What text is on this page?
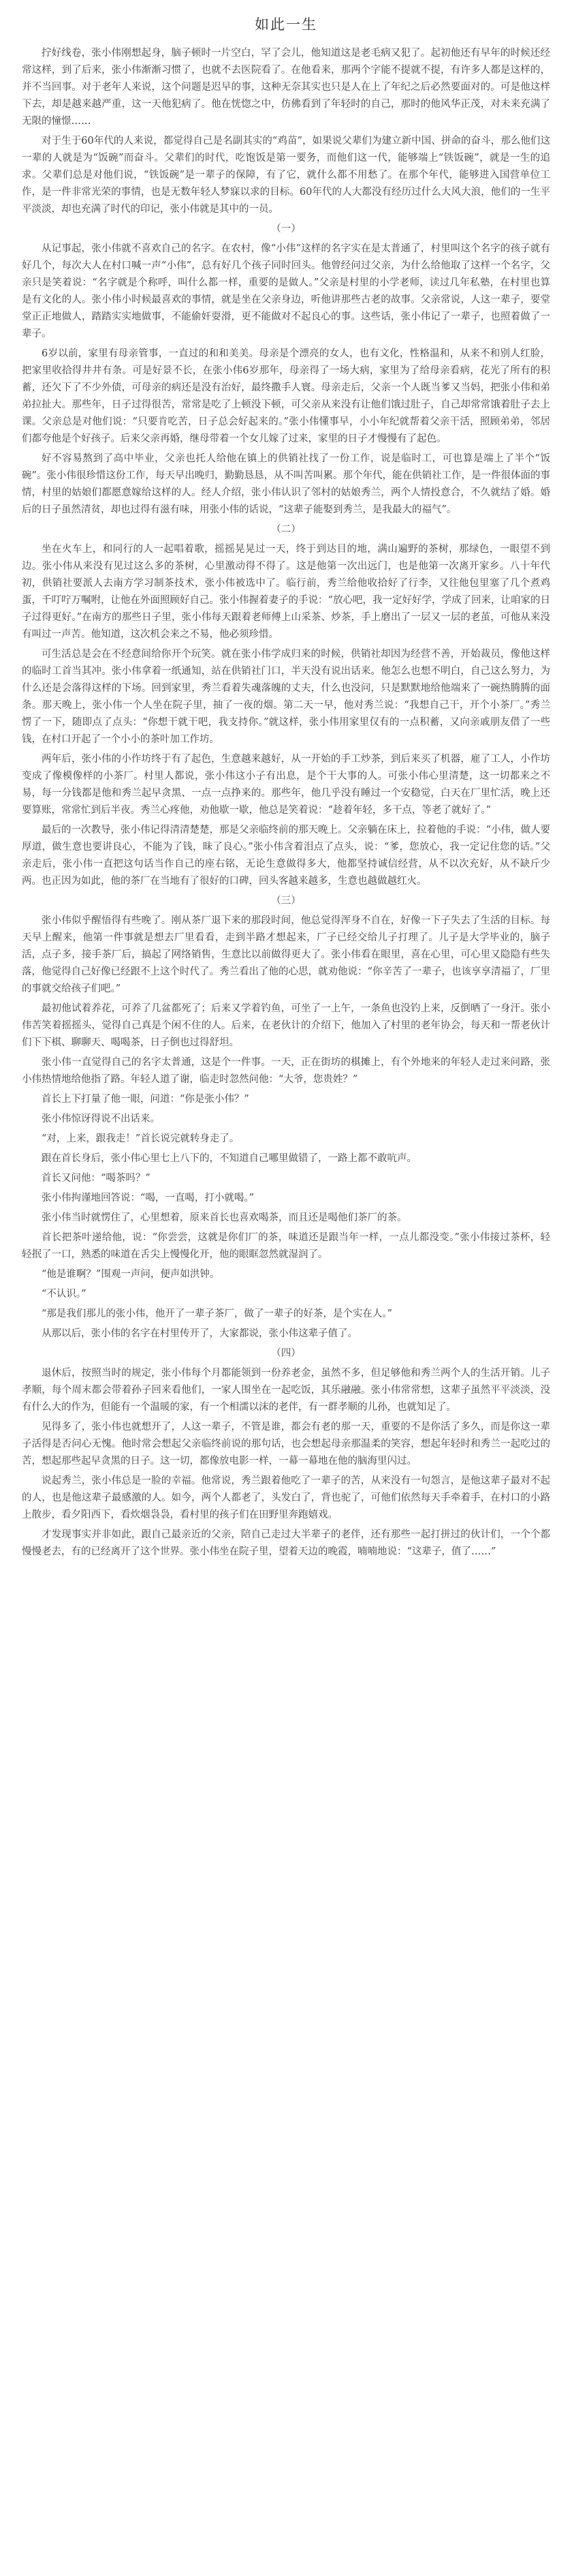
如此一生

拧好线卷，张小伟刚想起身，脑子顿时一片空白，罕了会儿，他知道这是老毛病又犯了。起初他还有早年的时候还经常这样，到了后来，张小伟渐渐习惯了，也就不去医院看了。在他看来，那两个字能不提就不提，有许多人都是这样的，并不当回事。对于老年人来说，这个问题是迟早的事，这种无奈其实也只是人在上了年纪之后必然要面对的。可是他这样下去，却是越来越严重，这一天他犯病了。他在恍惚之中，仿佛看到了年轻时的自己，那时的他风华正茂，对未来充满了无限的憧憬……

对于生于60年代的人来说，都觉得自己是名副其实的“鸡苗”，如果说父辈们为建立新中国、拼命的奋斗，那么他们这一辈的人就是为“饭碗”而奋斗。父辈们的时代，吃饱饭是第一要务，而他们这一代，能够端上“铁饭碗”，就是一生的追求。父辈们总是对他们说，“铁饭碗”是一辈子的保障，有了它，就什么都不用愁了。在那个年代，能够进入国营单位工作，是一件非常光荣的事情，也是无数年轻人梦寐以求的目标。60年代的人大都没有经历过什么大风大浪，他们的一生平平淡淡，却也充满了时代的印记，张小伟就是其中的一员。

（一）

从记事起，张小伟就不喜欢自己的名字。在农村，像“小伟”这样的名字实在是太普通了，村里叫这个名字的孩子就有好几个，每次大人在村口喊一声“小伟”，总有好几个孩子同时回头。他曾经问过父亲，为什么给他取了这样一个名字，父亲只是笑着说：“名字就是个称呼，叫什么都一样，重要的是做人。”父亲是村里的小学老师，读过几年私塾，在村里也算是有文化的人。张小伟小时候最喜欢的事情，就是坐在父亲身边，听他讲那些古老的故事。父亲常说，人这一辈子，要堂堂正正地做人，踏踏实实地做事，不能偷奸耍滑，更不能做对不起良心的事。这些话，张小伟记了一辈子，也照着做了一辈子。

6岁以前，家里有母亲管事，一直过的和和美美。母亲是个漂亮的女人，也有文化，性格温和，从来不和别人红脸，把家里收拾得井井有条。可是好景不长，在张小伟6岁那年，母亲得了一场大病，家里为了给母亲看病，花光了所有的积蓄，还欠下了不少外债，可母亲的病还是没有治好，最终撒手人寰。母亲走后，父亲一个人既当爹又当妈，把张小伟和弟弟拉扯大。那些年，日子过得很苦，常常是吃了上顿没下顿，可父亲从来没有让他们饿过肚子，自己却常常饿着肚子去上课。父亲总是对他们说：“只要肯吃苦，日子总会好起来的。”张小伟懂事早，小小年纪就帮着父亲干活，照顾弟弟，邻居们都夸他是个好孩子。后来父亲再婚，继母带着一个女儿嫁了过来，家里的日子才慢慢有了起色。

好不容易熬到了高中毕业，父亲也托人给他在镇上的供销社找了一份工作，说是临时工，可也算是端上了半个“饭碗”。张小伟很珍惜这份工作，每天早出晚归，勤勤恳恳，从不叫苦叫累。那个年代，能在供销社工作，是一件很体面的事情，村里的姑娘们都愿意嫁给这样的人。经人介绍，张小伟认识了邻村的姑娘秀兰，两个人情投意合，不久就结了婚。婚后的日子虽然清贫，却也过得有滋有味，用张小伟的话说，“这辈子能娶到秀兰，是我最大的福气”。

（二）

坐在火车上，和同行的人一起唱着歌，摇摇晃晃过一天，终于到达目的地，满山遍野的茶树，那绿色，一眼望不到边。张小伟从来没有见过这么多的茶树，心里激动得不得了。这是他第一次出远门，也是他第一次离开家乡。八十年代初，供销社要派人去南方学习制茶技术，张小伟被选中了。临行前，秀兰给他收拾好了行李，又往他包里塞了几个煮鸡蛋，千叮咛万嘱咐，让他在外面照顾好自己。张小伟握着妻子的手说：“放心吧，我一定好好学，学成了回来，让咱家的日子过得更好。”在南方的那些日子里，张小伟每天跟着老师傅上山采茶、炒茶，手上磨出了一层又一层的老茧，可他从来没有叫过一声苦。他知道，这次机会来之不易，他必须珍惜。

可生活总是会在不经意间给你开个玩笑。就在张小伟学成归来的时候，供销社却因为经营不善，开始裁员，像他这样的临时工首当其冲。张小伟拿着一纸通知，站在供销社门口，半天没有说出话来。他怎么也想不明白，自己这么努力，为什么还是会落得这样的下场。回到家里，秀兰看着失魂落魄的丈夫，什么也没问，只是默默地给他端来了一碗热腾腾的面条。那天晚上，张小伟一个人坐在院子里，抽了一夜的烟。第二天一早，他对秀兰说：“我想自己干，开个小茶厂。”秀兰愣了一下，随即点了点头：“你想干就干吧，我支持你。”就这样，张小伟用家里仅有的一点积蓄，又向亲戚朋友借了一些钱，在村口开起了一个小小的茶叶加工作坊。

两年后，张小伟的小作坊终于有了起色，生意越来越好，从一开始的手工炒茶，到后来买了机器，雇了工人，小作坊变成了像模像样的小茶厂。村里人都说，张小伟这小子有出息，是个干大事的人。可张小伟心里清楚，这一切都来之不易，每一分钱都是他和秀兰起早贪黑、一点一点挣来的。那些年，他几乎没有睡过一个安稳觉，白天在厂里忙活，晚上还要算账，常常忙到后半夜。秀兰心疼他，劝他歇一歇，他总是笑着说：“趁着年轻，多干点，等老了就好了。”

最后的一次教导，张小伟记得清清楚楚，那是父亲临终前的那天晚上。父亲躺在床上，拉着他的手说：“小伟，做人要厚道，做生意也要讲良心，不能为了钱，昧了良心。”张小伟含着泪点了点头，说：“爹，您放心，我一定记住您的话。”父亲走后，张小伟一直把这句话当作自己的座右铭，无论生意做得多大，他都坚持诚信经营，从不以次充好，从不缺斤少两。也正因为如此，他的茶厂在当地有了很好的口碑，回头客越来越多，生意也越做越红火。

（三）

张小伟似乎醒悟得有些晚了。刚从茶厂退下来的那段时间，他总觉得浑身不自在，好像一下子失去了生活的目标。每天早上醒来，他第一件事就是想去厂里看看，走到半路才想起来，厂子已经交给儿子打理了。儿子是大学毕业的，脑子活，点子多，接手茶厂后，搞起了网络销售，生意比以前做得更大了。张小伟看在眼里，喜在心里，可心里又隐隐有些失落，他觉得自己好像已经跟不上这个时代了。秀兰看出了他的心思，就劝他说：“你辛苦了一辈子，也该享享清福了，厂里的事就交给孩子们吧。”

最初他试着养花，可养了几盆都死了；后来又学着钓鱼，可坐了一上午，一条鱼也没钓上来，反倒晒了一身汗。张小伟苦笑着摇摇头，觉得自己真是个闲不住的人。后来，在老伙计的介绍下，他加入了村里的老年协会，每天和一帮老伙计们下下棋、聊聊天、喝喝茶，日子倒也过得舒坦。

张小伟一直觉得自己的名字太普通，这是个一件事。一天，正在街坊的棋摊上，有个外地来的年轻人走过来问路，张小伟热情地给他指了路。年轻人道了谢，临走时忽然问他：“大爷，您贵姓？”

首长上下打量了他一眼，问道：“你是张小伟？”

张小伟惊讶得说不出话来。

“对，上来，跟我走！”首长说完就转身走了。

跟在首长身后，张小伟心里七上八下的，不知道自己哪里做错了，一路上都不敢吭声。

首长又问他：“喝茶吗？”

张小伟拘谨地回答说：“喝，一直喝，打小就喝。”

张小伟当时就愣住了，心里想着，原来首长也喜欢喝茶，而且还是喝他们茶厂的茶。

首长把茶叶递给他，说：“你尝尝，这就是你们厂的茶，味道还是跟当年一样，一点儿都没变。”张小伟接过茶杯，轻轻抿了一口，熟悉的味道在舌尖上慢慢化开，他的眼眶忽然就湿润了。

“他是谁啊？”围观一声问，便声如洪钟。

“不认识。”

“那是我们那儿的张小伟，他开了一辈子茶厂，做了一辈子的好茶，是个实在人。”

从那以后，张小伟的名字在村里传开了，大家都说，张小伟这辈子值了。

（四）

退休后，按照当时的规定，张小伟每个月都能领到一份养老金，虽然不多，但足够他和秀兰两个人的生活开销。儿子孝顺，每个周末都会带着孙子回来看他们，一家人围坐在一起吃饭，其乐融融。张小伟常常想，这辈子虽然平平淡淡，没有什么大的作为，但能有一个温暖的家，有一个相濡以沫的老伴，有一群孝顺的儿孙，也就知足了。

见得多了，张小伟也就想开了，人这一辈子，不管是谁，都会有老的那一天，重要的不是你活了多久，而是你这一辈子活得是否问心无愧。他时常会想起父亲临终前说的那句话，也会想起母亲那温柔的笑容，想起年轻时和秀兰一起吃过的苦，想起那些起早贪黑的日子。这一切，都像放电影一样，一幕一幕地在他的脑海里闪过。

说起秀兰，张小伟总是一脸的幸福。他常说，秀兰跟着他吃了一辈子的苦，从来没有一句怨言，是他这辈子最对不起的人，也是他这辈子最感激的人。如今，两个人都老了，头发白了，背也驼了，可他们依然每天手牵着手，在村口的小路上散步，看夕阳西下，看炊烟袅袅，看村里的孩子们在田野里奔跑嬉戏。

才发现事实并非如此，跟自己最亲近的父亲，陪自己走过大半辈子的老伴，还有那些一起打拼过的伙计们，一个个都慢慢老去，有的已经离开了这个世界。张小伟坐在院子里，望着天边的晚霞，喃喃地说：“这辈子，值了……”
